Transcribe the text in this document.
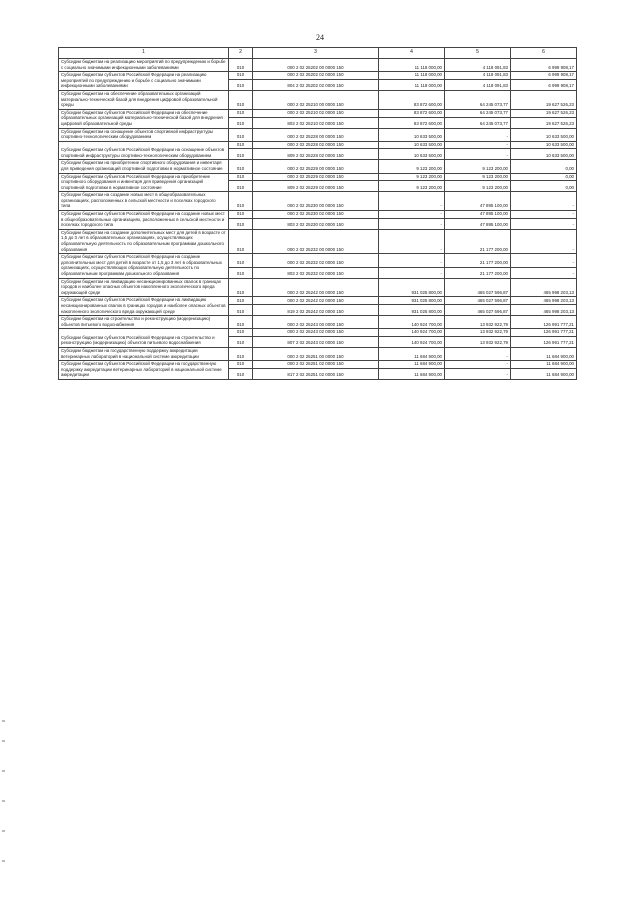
24
1	2	3	4	5	6
Субсидии бюджетам на реализацию мероприятий по предупреждению и борьбе с социально значимыми инфекционными заболеваниями	010	000 2 02 25202 00 0000 150	11 118 000,00	4 118 091,83	6 999 908,17
Субсидии бюджетам субъектов Российской Федерации на реализацию мероприятий по предупреждению и борьбе с социально значимыми инфекционными заболеваниями	010	000 2 02 25202 02 0000 150	11 118 000,00	4 118 091,83	6 999 908,17
	010	804 2 02 25202 02 0000 150	11 118 000,00	4 118 091,83	6 999 908,17
Субсидии бюджетам на обеспечение образовательных организаций материально-технической базой для внедрения цифровой образовательной среды	010	000 2 02 25210 00 0000 150	83 872 600,00	64 245 073,77	19 627 526,23
Субсидии бюджетам субъектов Российской Федерации на обеспечение образовательных организаций материально-технической базой для внедрения цифровой образовательной среды	010	000 2 02 25210 02 0000 150	83 872 600,00	64 245 073,77	19 627 526,23
	010	803 2 02 25210 02 0000 150	83 872 600,00	64 245 073,77	19 627 526,23
Субсидии бюджетам на оснащение объектов спортивной инфраструктуры спортивно-технологическим оборудованием	010	000 2 02 25228 00 0000 150	10 633 500,00	-	10 633 500,00
Субсидии бюджетам субъектов Российской Федерации на оснащение объектов спортивной инфраструктуры спортивно-технологическим оборудованием	010	000 2 02 25228 02 0000 150	10 633 500,00	-	10 633 500,00
	010	809 2 02 25228 02 0000 150	10 633 500,00	-	10 633 500,00
Субсидии бюджетам на приобретение спортивного оборудования и инвентаря для приведения организаций спортивной подготовки в нормативное состояние	010	000 2 02 25229 00 0000 150	9 123 200,00	9 123 200,00	0,00
Субсидии бюджетам субъектов Российской Федерации на приобретение спортивного оборудования и инвентаря для приведения организаций спортивной подготовки в нормативное состояние	010	000 2 02 25229 02 0000 150	9 123 200,00	9 123 200,00	0,00
	010	809 2 02 25229 02 0000 150	9 123 200,00	9 123 200,00	0,00
Субсидии бюджетам на создание новых мест в общеобразовательных организациях, расположенных в сельской местности и поселках городского типа	010	000 2 02 25230 00 0000 150	-	47 895 100,00	-
Субсидии бюджетам субъектов Российской Федерации на создание новых мест в общеобразовательных организациях, расположенных в сельской местности и поселках городского типа	010	000 2 02 25230 02 0000 150	-	47 895 100,00	-
	010	803 2 02 25230 02 0000 150	-	47 895 100,00	-
Субсидии бюджетам на создание дополнительных мест для детей в возрасте от 1,5 до 3 лет в образовательных организациях, осуществляющих образовательную деятельность по образовательным программам дошкольного образования	010	000 2 02 25232 00 0000 150	-	21 177 200,00	-
Субсидии бюджетам субъектов Российской Федерации на создание дополнительных мест для детей в возрасте от 1,5 до 3 лет в образовательных организациях, осуществляющих образовательную деятельность по образовательным программам дошкольного образования	010	000 2 02 25232 02 0000 150	-	21 177 200,00	-
	010	803 2 02 25232 02 0000 150	-	21 177 200,00	-
Субсидии бюджетам на ликвидацию несанкционированных свалок в границах городов и наиболее опасных объектов накопленного экологического вреда окружающей среде	010	000 2 02 25242 00 0000 150	931 025 800,00	465 027 596,87	465 998 203,13
Субсидии бюджетам субъектов Российской Федерации на ликвидацию несанкционированных свалок в границах городов и наиболее опасных объектов накопленного экологического вреда окружающей среде	010	000 2 02 25242 02 0000 150	931 025 800,00	465 027 596,87	465 998 203,13
	010	819 2 02 25242 02 0000 150	931 025 800,00	465 027 596,87	465 998 203,13
Субсидии бюджетам на строительство и реконструкцию (модернизацию) объектов питьевого водоснабжения	010	000 2 02 25243 00 0000 150	140 924 700,00	13 932 922,79	126 991 777,21
Субсидии бюджетам субъектов Российской Федерации на строительство и реконструкцию (модернизацию) объектов питьевого водоснабжения	010	000 2 02 25243 02 0000 150	140 924 700,00	13 932 922,79	126 991 777,21
	010	807 2 02 25243 02 0000 150	140 924 700,00	13 932 922,79	126 991 777,21
Субсидии бюджетам на государственную поддержку аккредитации ветеринарных лабораторий в национальной системе аккредитации	010	000 2 02 25251 00 0000 150	11 684 900,00	-	11 684 900,00
Субсидии бюджетам субъектов Российской Федерации на государственную поддержку аккредитации ветеринарных лабораторий в национальной системе аккредитации	010	000 2 02 25251 02 0000 150	11 684 900,00	-	11 684 900,00
	010	817 2 02 25251 02 0000 150	11 684 900,00	-	11 684 900,00
